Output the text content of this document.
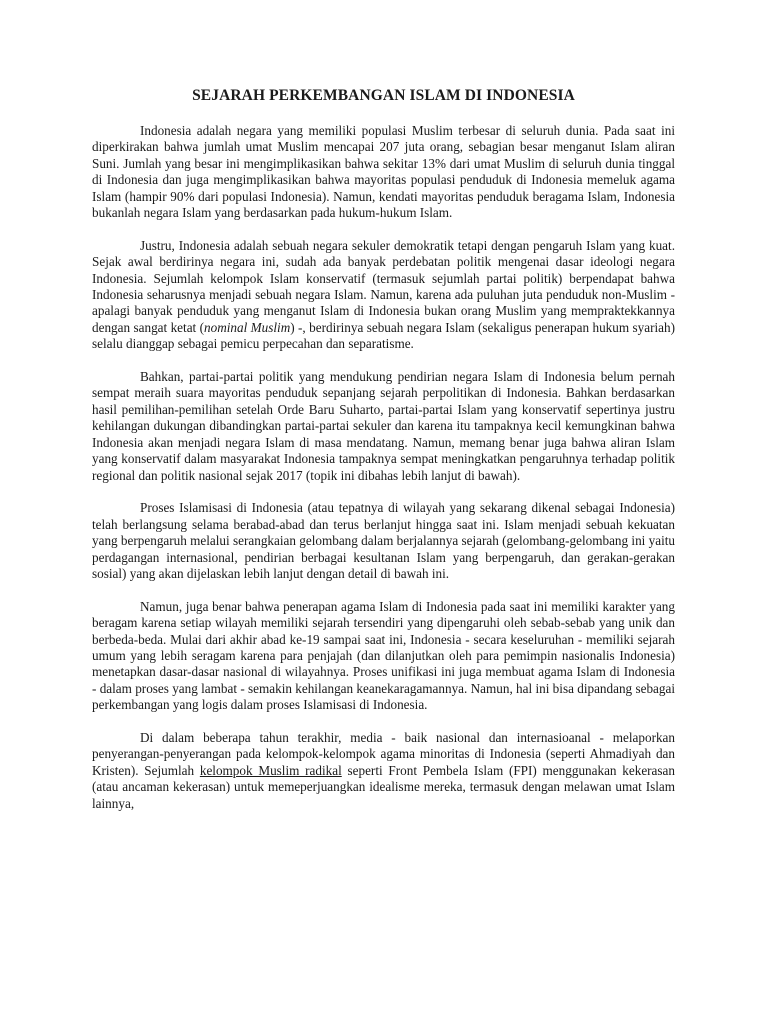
SEJARAH PERKEMBANGAN ISLAM DI INDONESIA

Indonesia adalah negara yang memiliki populasi Muslim terbesar di seluruh dunia. Pada saat ini diperkirakan bahwa jumlah umat Muslim mencapai 207 juta orang, sebagian besar menganut Islam aliran Suni. Jumlah yang besar ini mengimplikasikan bahwa sekitar 13% dari umat Muslim di seluruh dunia tinggal di Indonesia dan juga mengimplikasikan bahwa mayoritas populasi penduduk di Indonesia memeluk agama Islam (hampir 90% dari populasi Indonesia). Namun, kendati mayoritas penduduk beragama Islam, Indonesia bukanlah negara Islam yang berdasarkan pada hukum-hukum Islam.

Justru, Indonesia adalah sebuah negara sekuler demokratik tetapi dengan pengaruh Islam yang kuat. Sejak awal berdirinya negara ini, sudah ada banyak perdebatan politik mengenai dasar ideologi negara Indonesia. Sejumlah kelompok Islam konservatif (termasuk sejumlah partai politik) berpendapat bahwa Indonesia seharusnya menjadi sebuah negara Islam. Namun, karena ada puluhan juta penduduk non-Muslim - apalagi banyak penduduk yang menganut Islam di Indonesia bukan orang Muslim yang mempraktekkannya dengan sangat ketat (nominal Muslim) -, berdirinya sebuah negara Islam (sekaligus penerapan hukum syariah) selalu dianggap sebagai pemicu perpecahan dan separatisme.

Bahkan, partai-partai politik yang mendukung pendirian negara Islam di Indonesia belum pernah sempat meraih suara mayoritas penduduk sepanjang sejarah perpolitikan di Indonesia. Bahkan berdasarkan hasil pemilihan-pemilihan setelah Orde Baru Suharto, partai-partai Islam yang konservatif sepertinya justru kehilangan dukungan dibandingkan partai-partai sekuler dan karena itu tampaknya kecil kemungkinan bahwa Indonesia akan menjadi negara Islam di masa mendatang. Namun, memang benar juga bahwa aliran Islam yang konservatif dalam masyarakat Indonesia tampaknya sempat meningkatkan pengaruhnya terhadap politik regional dan politik nasional sejak 2017 (topik ini dibahas lebih lanjut di bawah).

Proses Islamisasi di Indonesia (atau tepatnya di wilayah yang sekarang dikenal sebagai Indonesia) telah berlangsung selama berabad-abad dan terus berlanjut hingga saat ini. Islam menjadi sebuah kekuatan yang berpengaruh melalui serangkaian gelombang dalam berjalannya sejarah (gelombang-gelombang ini yaitu perdagangan internasional, pendirian berbagai kesultanan Islam yang berpengaruh, dan gerakan-gerakan sosial) yang akan dijelaskan lebih lanjut dengan detail di bawah ini.

Namun, juga benar bahwa penerapan agama Islam di Indonesia pada saat ini memiliki karakter yang beragam karena setiap wilayah memiliki sejarah tersendiri yang dipengaruhi oleh sebab-sebab yang unik dan berbeda-beda. Mulai dari akhir abad ke-19 sampai saat ini, Indonesia - secara keseluruhan - memiliki sejarah umum yang lebih seragam karena para penjajah (dan dilanjutkan oleh para pemimpin nasionalis Indonesia) menetapkan dasar-dasar nasional di wilayahnya. Proses unifikasi ini juga membuat agama Islam di Indonesia - dalam proses yang lambat - semakin kehilangan keanekaragamannya. Namun, hal ini bisa dipandang sebagai perkembangan yang logis dalam proses Islamisasi di Indonesia.

Di dalam beberapa tahun terakhir, media - baik nasional dan internasioanal - melaporkan penyerangan-penyerangan pada kelompok-kelompok agama minoritas di Indonesia (seperti Ahmadiyah dan Kristen). Sejumlah kelompok Muslim radikal seperti Front Pembela Islam (FPI) menggunakan kekerasan (atau ancaman kekerasan) untuk memeperjuangkan idealisme mereka, termasuk dengan melawan umat Islam lainnya,
